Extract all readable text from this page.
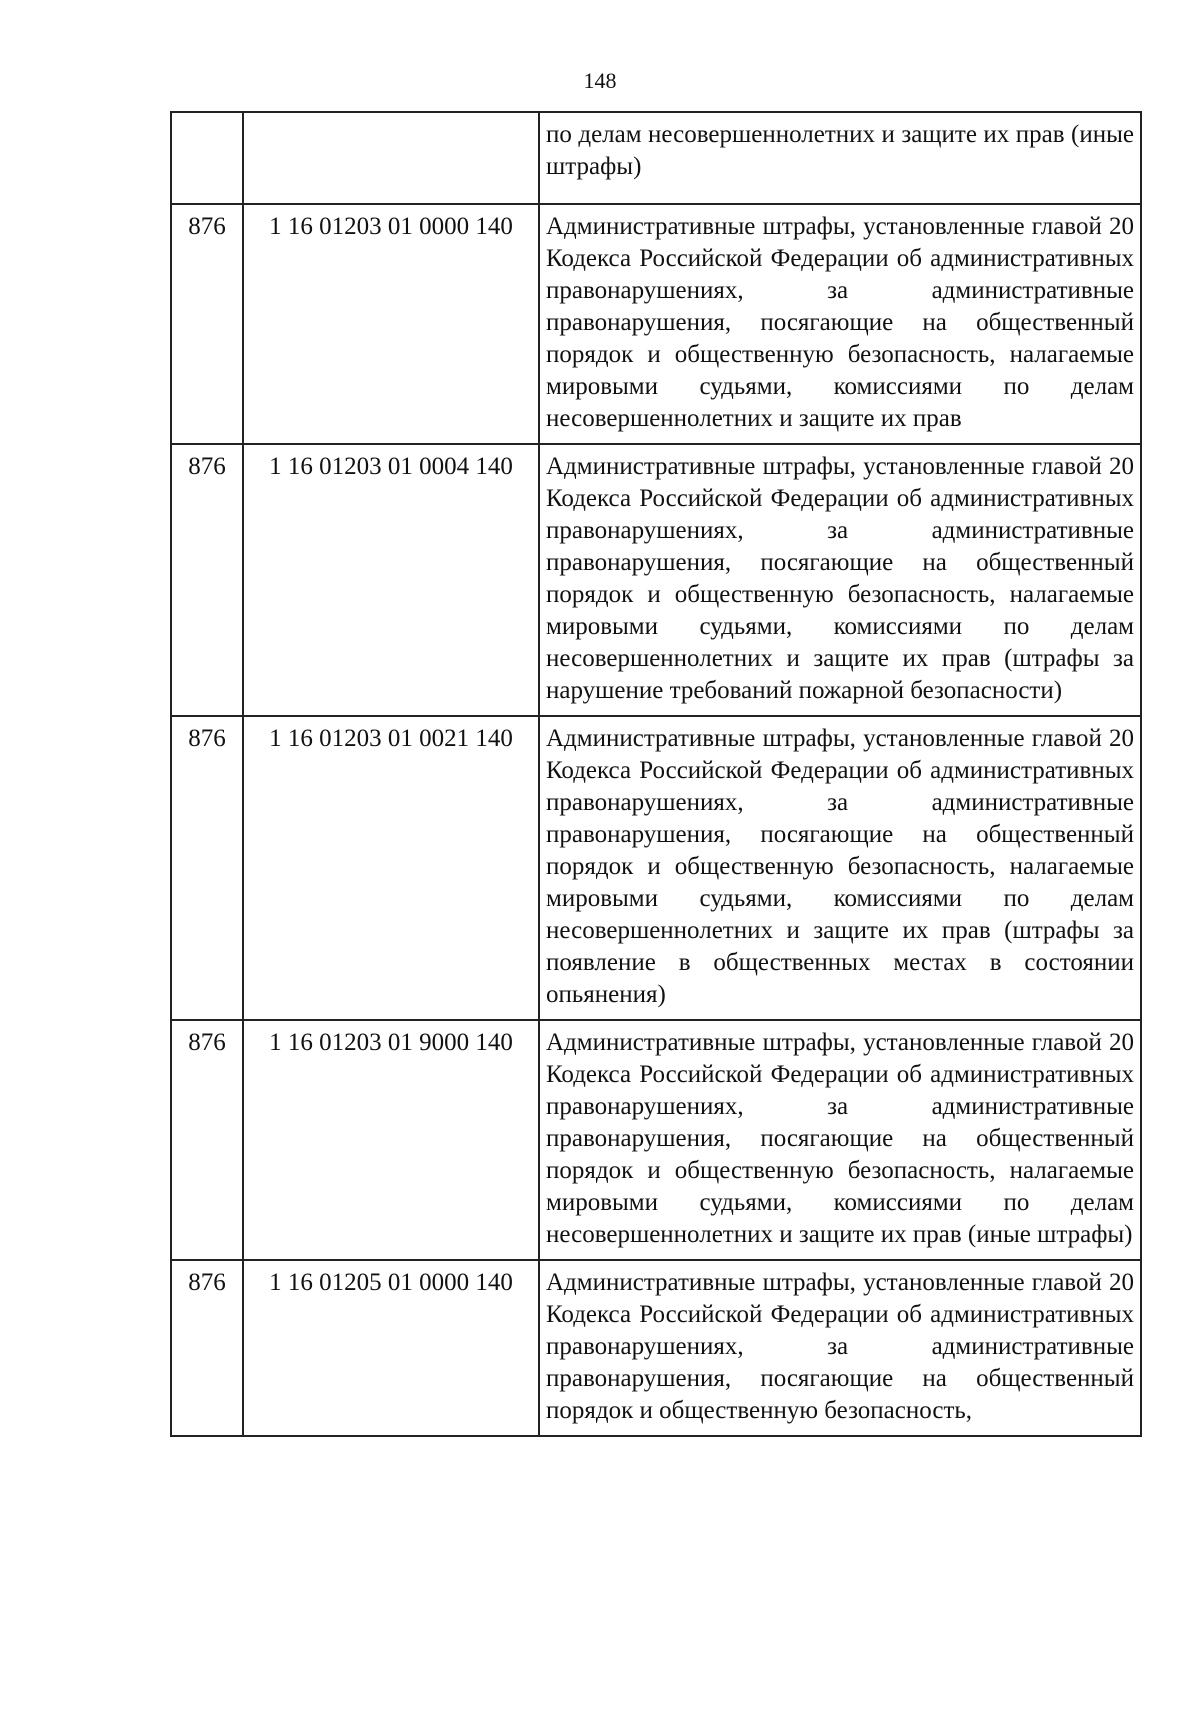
148
		по делам несовершеннолетних и защите их прав (иные штрафы)
876	1 16 01203 01 0000 140	Административные штрафы, установленные главой 20 Кодекса Российской Федерации об административных правонарушениях, за административные правонарушения, посягающие на общественный порядок и общественную безопасность, налагаемые мировыми судьями, комиссиями по делам несовершеннолетних и защите их прав
876	1 16 01203 01 0004 140	Административные штрафы, установленные главой 20 Кодекса Российской Федерации об административных правонарушениях, за административные правонарушения, посягающие на общественный порядок и общественную безопасность, налагаемые мировыми судьями, комиссиями по делам несовершеннолетних и защите их прав (штрафы за нарушение требований пожарной безопасности)
876	1 16 01203 01 0021 140	Административные штрафы, установленные главой 20 Кодекса Российской Федерации об административных правонарушениях, за административные правонарушения, посягающие на общественный порядок и общественную безопасность, налагаемые мировыми судьями, комиссиями по делам несовершеннолетних и защите их прав (штрафы за появление в общественных местах в состоянии опьянения)
876	1 16 01203 01 9000 140	Административные штрафы, установленные главой 20 Кодекса Российской Федерации об административных правонарушениях, за административные правонарушения, посягающие на общественный порядок и общественную безопасность, налагаемые мировыми судьями, комиссиями по делам несовершеннолетних и защите их прав (иные штрафы)
876	1 16 01205 01 0000 140	Административные штрафы, установленные главой 20 Кодекса Российской Федерации об административных правонарушениях, за административные правонарушения, посягающие на общественный порядок и общественную безопасность,
